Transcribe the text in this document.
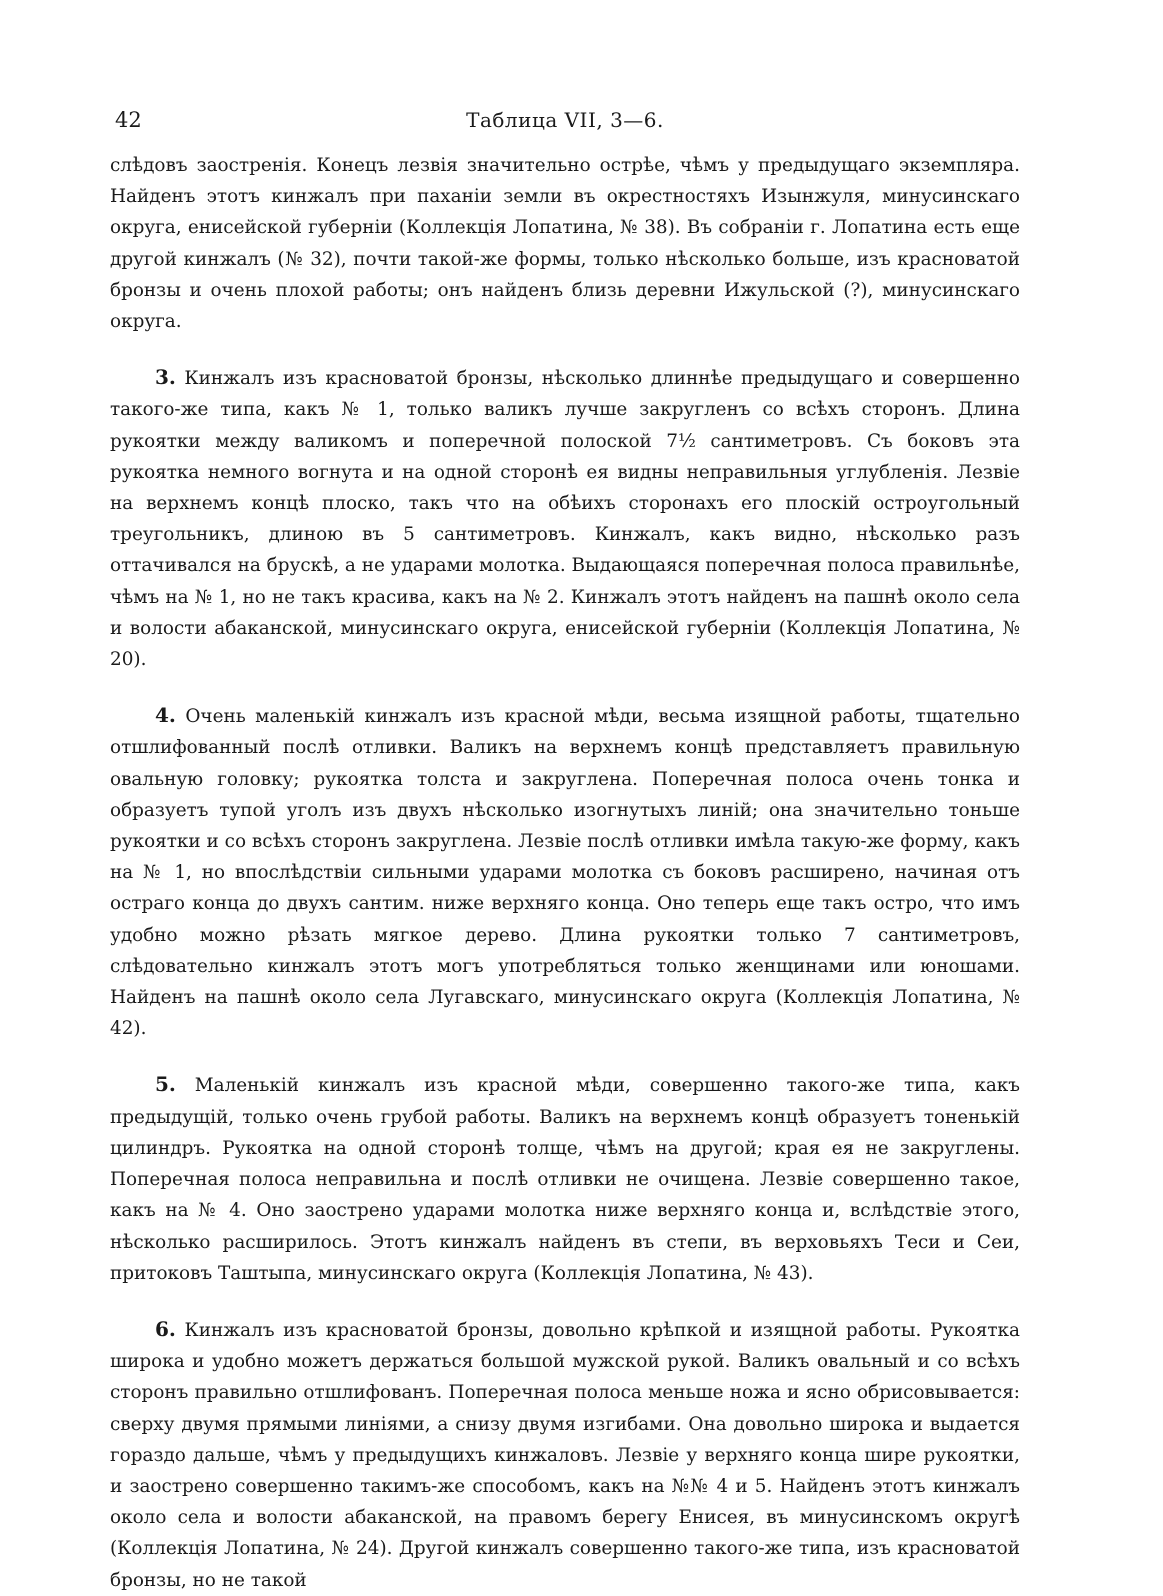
42	Таблица VII, 3—6.

слѣдовъ заостренія. Конецъ лезвія значительно острѣе, чѣмъ у предыдущаго экземпляра. Найденъ этотъ кинжалъ при паханіи земли въ окрестностяхъ Изынжуля, минусинскаго округа, енисейской губерніи (Коллекція Лопатина, № 38). Въ собраніи г. Лопатина есть еще другой кинжалъ (№ 32), почти такой-же формы, только нѣсколько больше, изъ красноватой бронзы и очень плохой работы; онъ найденъ близь деревни Ижульской (?), минусинскаго округа.

3. Кинжалъ изъ красноватой бронзы, нѣсколько длиннѣе предыдущаго и совершенно такого-же типа, какъ № 1, только валикъ лучше закругленъ со всѣхъ сторонъ. Длина рукоятки между валикомъ и поперечной полоской 7½ сантиметровъ. Съ боковъ эта рукоятка немного вогнута и на одной сторонѣ ея видны неправильныя углубленія. Лезвіе на верхнемъ концѣ плоско, такъ что на обѣихъ сторонахъ его плоскій остроугольный треугольникъ, длиною въ 5 сантиметровъ. Кинжалъ, какъ видно, нѣсколько разъ оттачивался на брускѣ, а не ударами молотка. Выдающаяся поперечная полоса правильнѣе, чѣмъ на № 1, но не такъ красива, какъ на № 2. Кинжалъ этотъ найденъ на пашнѣ около села и волости абаканской, минусинскаго округа, енисейской губерніи (Коллекція Лопатина, № 20).

4. Очень маленькій кинжалъ изъ красной мѣди, весьма изящной работы, тщательно отшлифованный послѣ отливки. Валикъ на верхнемъ концѣ представляетъ правильную овальную головку; рукоятка толста и закруглена. Поперечная полоса очень тонка и образуетъ тупой уголъ изъ двухъ нѣсколько изогнутыхъ линій; она значительно тоньше рукоятки и со всѣхъ сторонъ закруглена. Лезвіе послѣ отливки имѣла такую-же форму, какъ на № 1, но впослѣдствіи сильными ударами молотка съ боковъ расширено, начиная отъ остраго конца до двухъ сантим. ниже верхняго конца. Оно теперь еще такъ остро, что имъ удобно можно рѣзать мягкое дерево. Длина рукоятки только 7 сантиметровъ, слѣдовательно кинжалъ этотъ могъ употребляться только женщинами или юношами. Найденъ на пашнѣ около села Лугавскаго, минусинскаго округа (Коллекція Лопатина, № 42).

5. Маленькій кинжалъ изъ красной мѣди, совершенно такого-же типа, какъ предыдущій, только очень грубой работы. Валикъ на верхнемъ концѣ образуетъ тоненькій цилиндръ. Рукоятка на одной сторонѣ толще, чѣмъ на другой; края ея не закруглены. Поперечная полоса неправильна и послѣ отливки не очищена. Лезвіе совершенно такое, какъ на № 4. Оно заострено ударами молотка ниже верхняго конца и, вслѣдствіе этого, нѣсколько расширилось. Этотъ кинжалъ найденъ въ степи, въ верховьяхъ Теси и Сеи, притоковъ Таштыпа, минусинскаго округа (Коллекція Лопатина, № 43).

6. Кинжалъ изъ красноватой бронзы, довольно крѣпкой и изящной работы. Рукоятка широка и удобно можетъ держаться большой мужской рукой. Валикъ овальный и со всѣхъ сторонъ правильно отшлифованъ. Поперечная полоса меньше ножа и ясно обрисовывается: сверху двумя прямыми линіями, а снизу двумя изгибами. Она довольно широка и выдается гораздо дальше, чѣмъ у предыдущихъ кинжаловъ. Лезвіе у верхняго конца шире рукоятки, и заострено совершенно такимъ-же способомъ, какъ на №№ 4 и 5. Найденъ этотъ кинжалъ около села и волости абаканской, на правомъ берегу Енисея, въ минусинскомъ округѣ (Коллекція Лопатина, № 24). Другой кинжалъ совершенно такого-же типа, изъ красноватой бронзы, но не такой
